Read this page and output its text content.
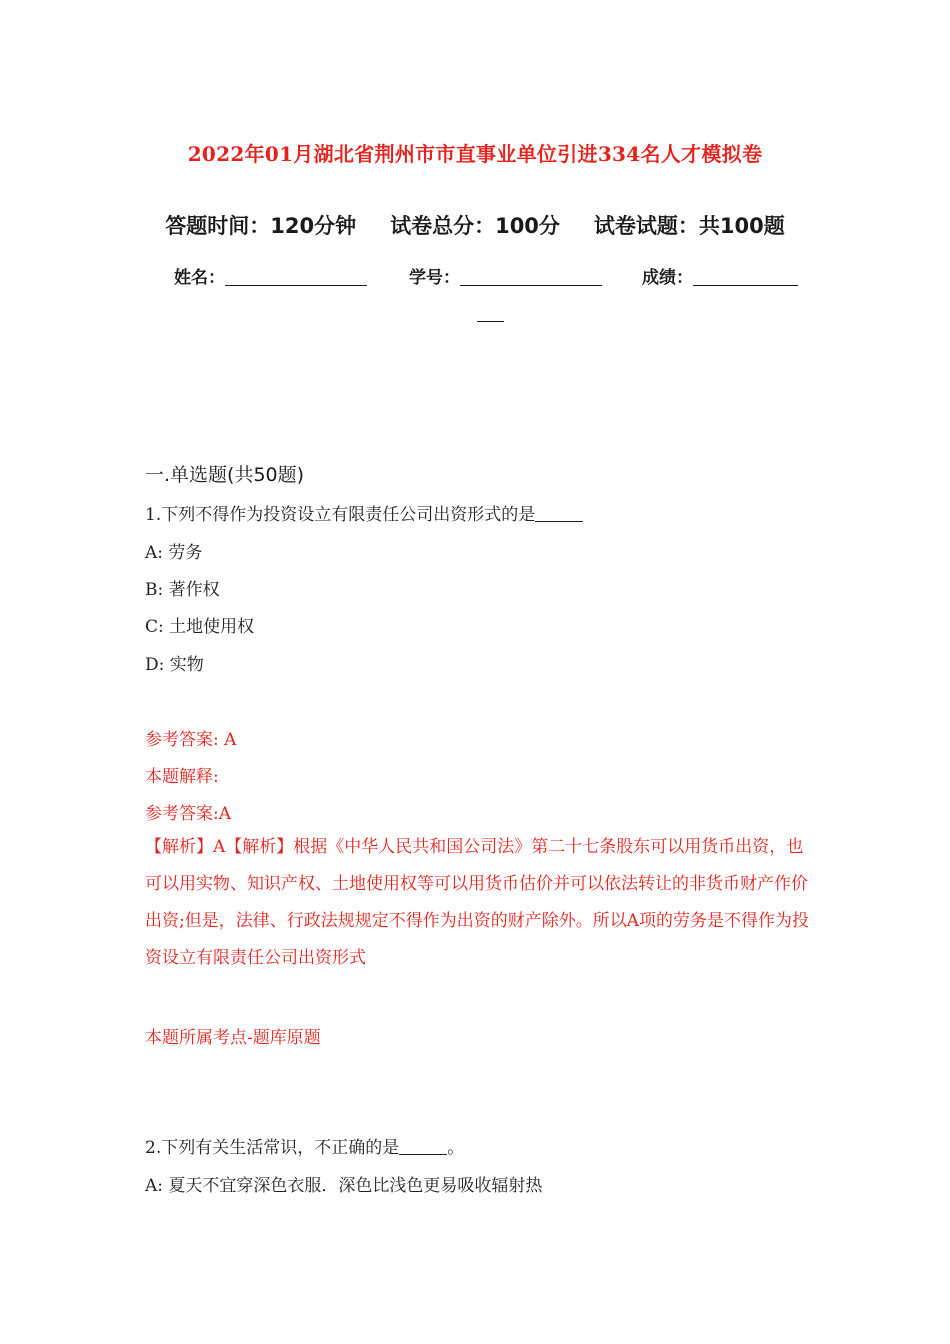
2022年01月湖北省荆州市市直事业单位引进334名人才模拟卷
答题时间：120分钟 试卷总分：100分 试卷试题：共100题
姓名：	学号：	成绩：
一.单选题(共50题)
1.下列不得作为投资设立有限责任公司出资形式的是
A: 劳务
B: 著作权
C: 土地使用权
D: 实物
参考答案: A
本题解释:
参考答案:A
【解析】A【解析】根据《中华人民共和国公司法》第二十七条股东可以用货币出资，也可以用实物、知识产权、土地使用权等可以用货币估价并可以依法转让的非货币财产作价出资;但是，法律、行政法规规定不得作为出资的财产除外。所以A项的劳务是不得作为投资设立有限责任公司出资形式
本题所属考点-题库原题
2.下列有关生活常识，不正确的是	。
A: 夏天不宜穿深色衣服．深色比浅色更易吸收辐射热
